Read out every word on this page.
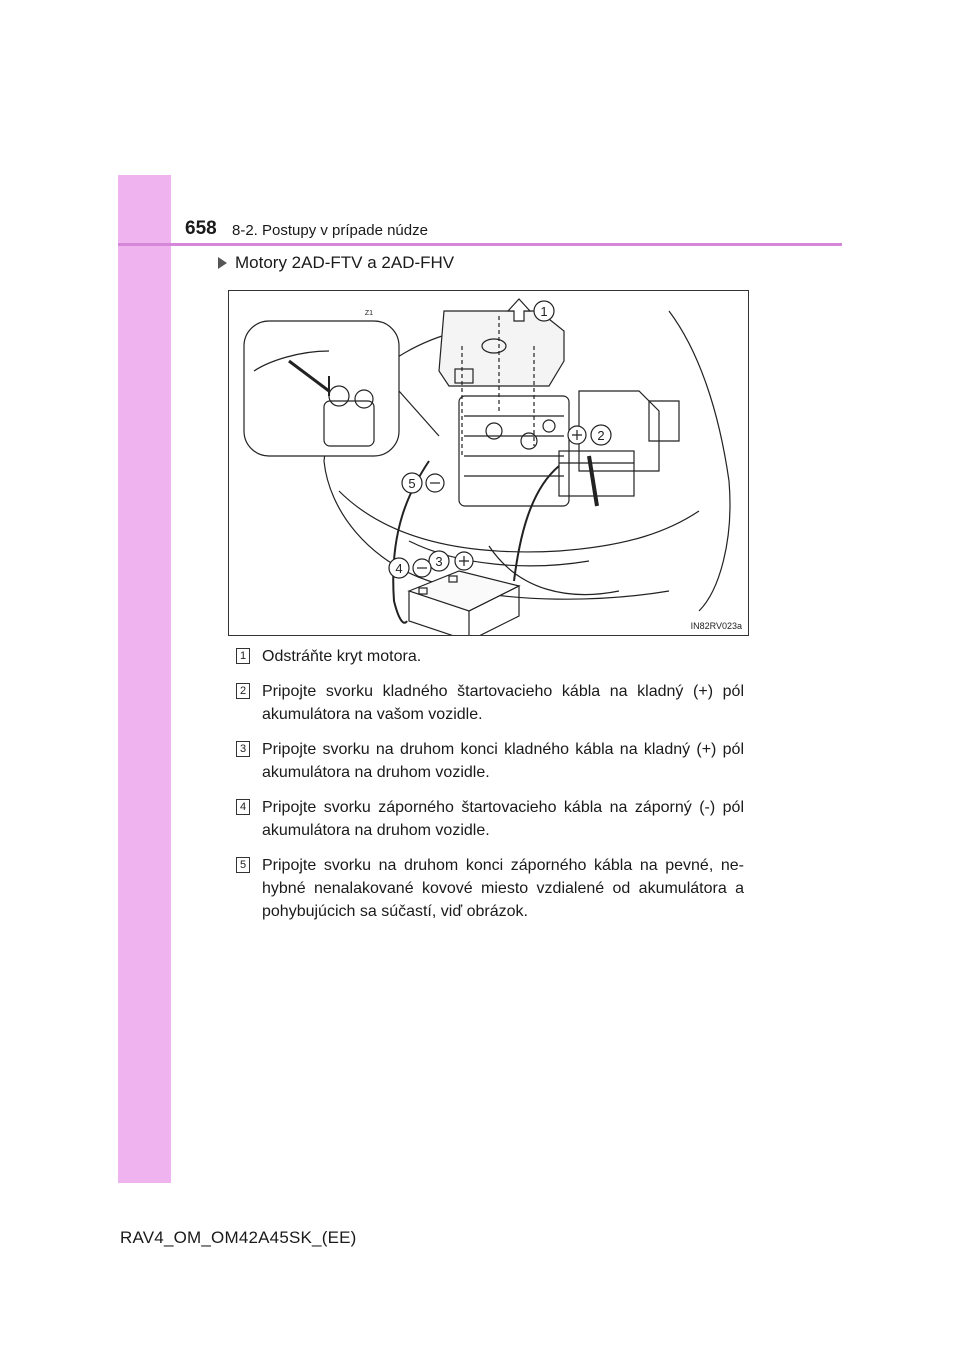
658 8-2. Postupy v prípade núdze
Motory 2AD-FTV a 2AD-FHV
1
2
3
4
5
Z1
IN82RV023a
1 Odstráňte kryt motora.
2 Pripojte svorku kladného štartovacieho kábla na kladný (+) pól akumulátora na vašom vozidle.
3 Pripojte svorku na druhom konci kladného kábla na kladný (+) pól akumulátora na druhom vozidle.
4 Pripojte svorku záporného štartovacieho kábla na záporný (-) pól akumulátora na druhom vozidle.
5 Pripojte svorku na druhom konci záporného kábla na pevné, ne- hybné nenalakované kovové miesto vzdialené od akumulátora a pohybujúcich sa súčastí, viď obrázok.
RAV4_OM_OM42A45SK_(EE)
